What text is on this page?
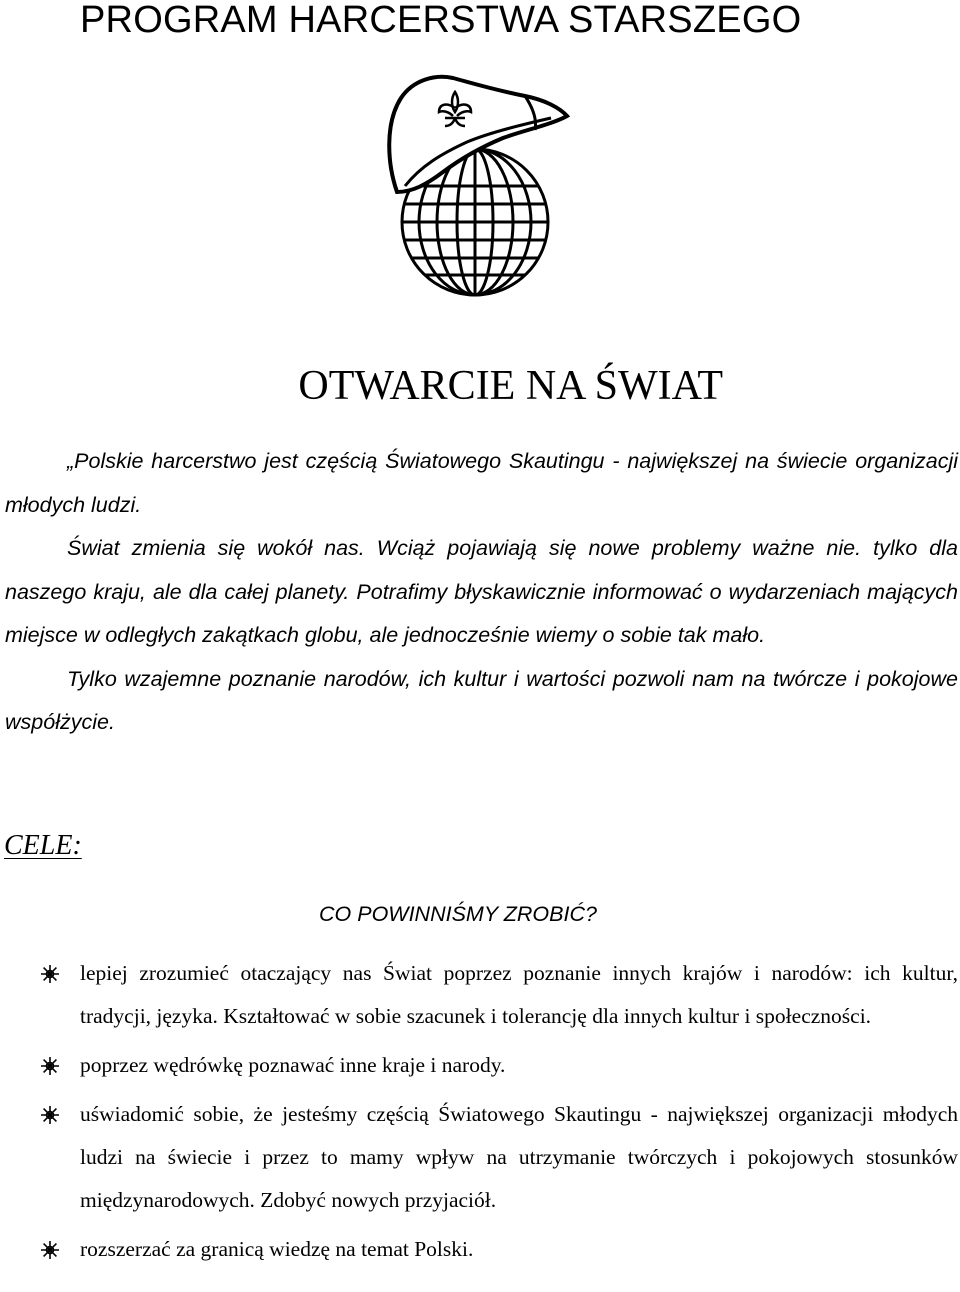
PROGRAM HARCERSTWA STARSZEGO
OTWARCIE NA ŚWIAT

„Polskie harcerstwo jest częścią Światowego Skautingu - największej na świecie organizacji młodych ludzi.

Świat zmienia się wokół nas. Wciąż pojawiają się nowe problemy ważne nie. tylko dla naszego kraju, ale dla całej planety. Potrafimy błyskawicznie informować o wydarzeniach mających miejsce w odległych zakątkach globu, ale jednocześnie wiemy o sobie tak mało.

Tylko wzajemne poznanie narodów, ich kultur i wartości pozwoli nam na twórcze i pokojowe współżycie.

CELE:

CO POWINNIŚMY ZROBIĆ?

lepiej zrozumieć otaczający nas Świat poprzez poznanie innych krajów i narodów: ich kultur, tradycji, języka. Kształtować w sobie szacunek i tolerancję dla innych kultur i społeczności.
poprzez wędrówkę poznawać inne kraje i narody.
uświadomić sobie, że jesteśmy częścią Światowego Skautingu - największej organizacji młodych ludzi na świecie i przez to mamy wpływ na utrzymanie twórczych i pokojowych stosunków międzynarodowych. Zdobyć nowych przyjaciół.
rozszerzać za granicą wiedzę na temat Polski.
